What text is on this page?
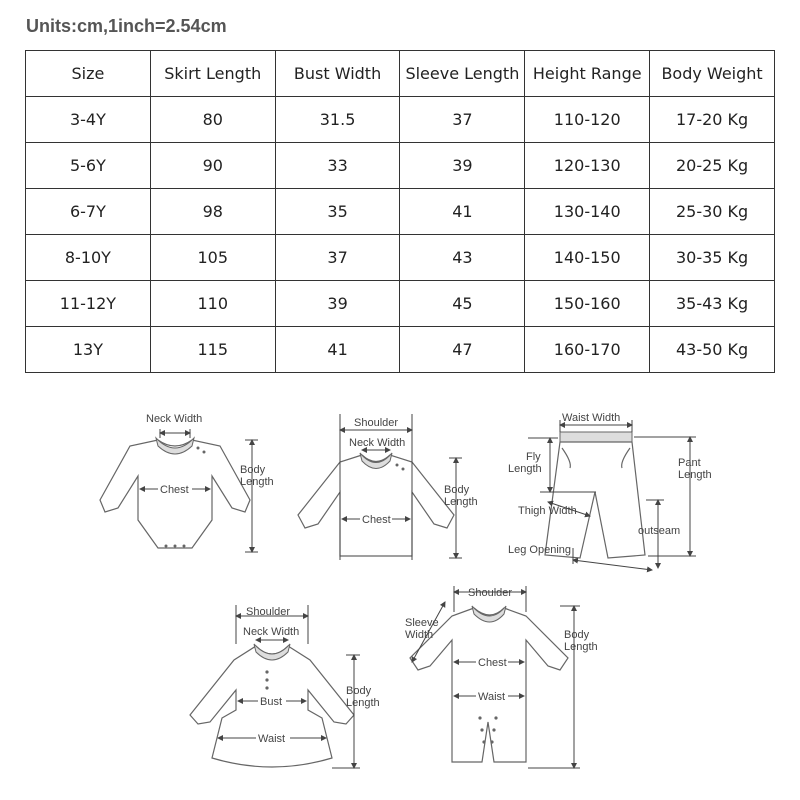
Units:cm,1inch=2.54cm
Size	Skirt Length	Bust Width	Sleeve Length	Height Range	Body Weight
3-4Y	80	31.5	37	110-120	17-20 Kg
5-6Y	90	33	39	120-130	20-25 Kg
6-7Y	98	35	41	130-140	25-30 Kg
8-10Y	105	37	43	140-150	30-35 Kg
11-12Y	110	39	45	150-160	35-43 Kg
13Y	115	41	47	160-170	43-50 Kg
Neck Width
Body
Length
Chest
Shoulder
Neck Width
Body
Length
Chest
Waist Width
Fly
Length	Pant
Length
Thigh Width
outseam
Leg Opening
Shoulder
Neck Width
Body
Length
Bust
Waist
Shoulder
Sleeve
Width	Body
Length
Chest
Waist
